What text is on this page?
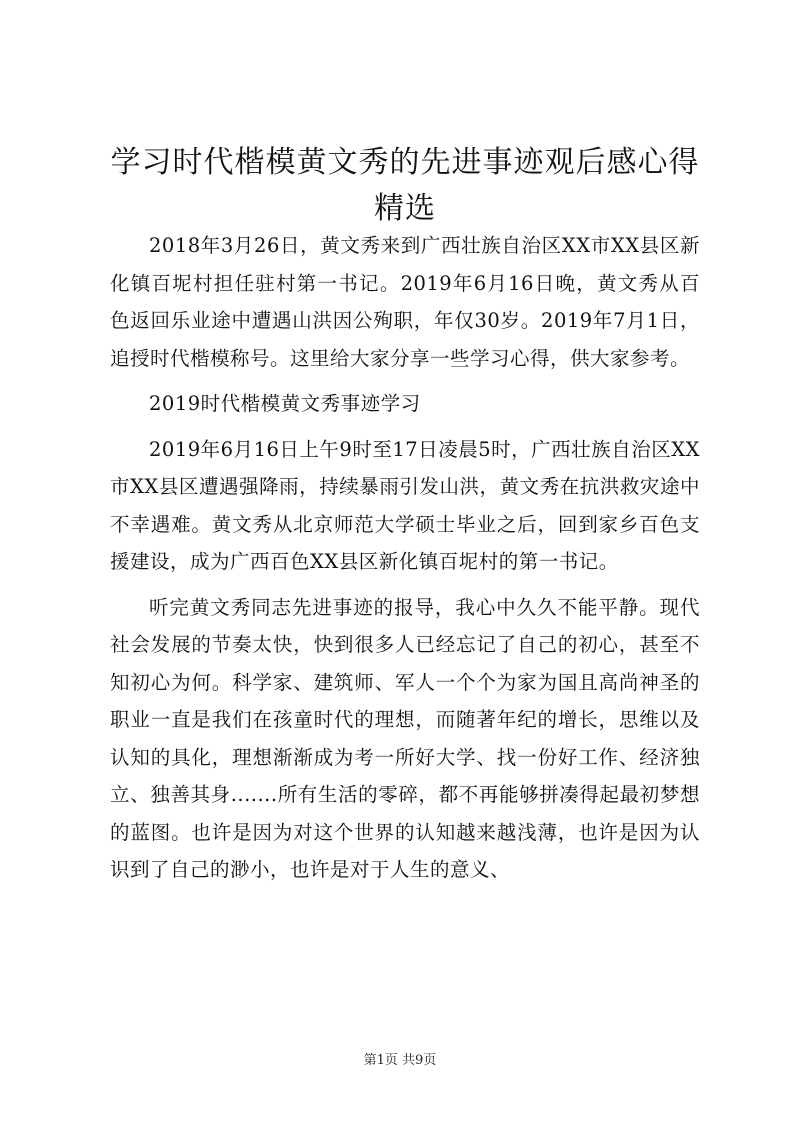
学习时代楷模黄文秀的先进事迹观后感心得精选

2018年3月26日，黄文秀来到广西壮族自治区XX市XX县区新化镇百坭村担任驻村第一书记。2019年6月16日晚，黄文秀从百色返回乐业途中遭遇山洪因公殉职，年仅30岁。2019年7月1日，追授时代楷模称号。这里给大家分享一些学习心得，供大家参考。

2019时代楷模黄文秀事迹学习

2019年6月16日上午9时至17日凌晨5时，广西壮族自治区XX市XX县区遭遇强降雨，持续暴雨引发山洪，黄文秀在抗洪救灾途中不幸遇难。黄文秀从北京师范大学硕士毕业之后，回到家乡百色支援建设，成为广西百色XX县区新化镇百坭村的第一书记。

听完黄文秀同志先进事迹的报导，我心中久久不能平静。现代社会发展的节奏太快，快到很多人已经忘记了自己的初心，甚至不知初心为何。科学家、建筑师、军人一个个为家为国且高尚神圣的职业一直是我们在孩童时代的理想，而随著年纪的增长，思维以及认知的具化，理想渐渐成为考一所好大学、找一份好工作、经济独立、独善其身.......所有生活的零碎，都不再能够拼凑得起最初梦想的蓝图。也许是因为对这个世界的认知越来越浅薄，也许是因为认识到了自己的渺小，也许是对于人生的意义、

第1页 共9页
